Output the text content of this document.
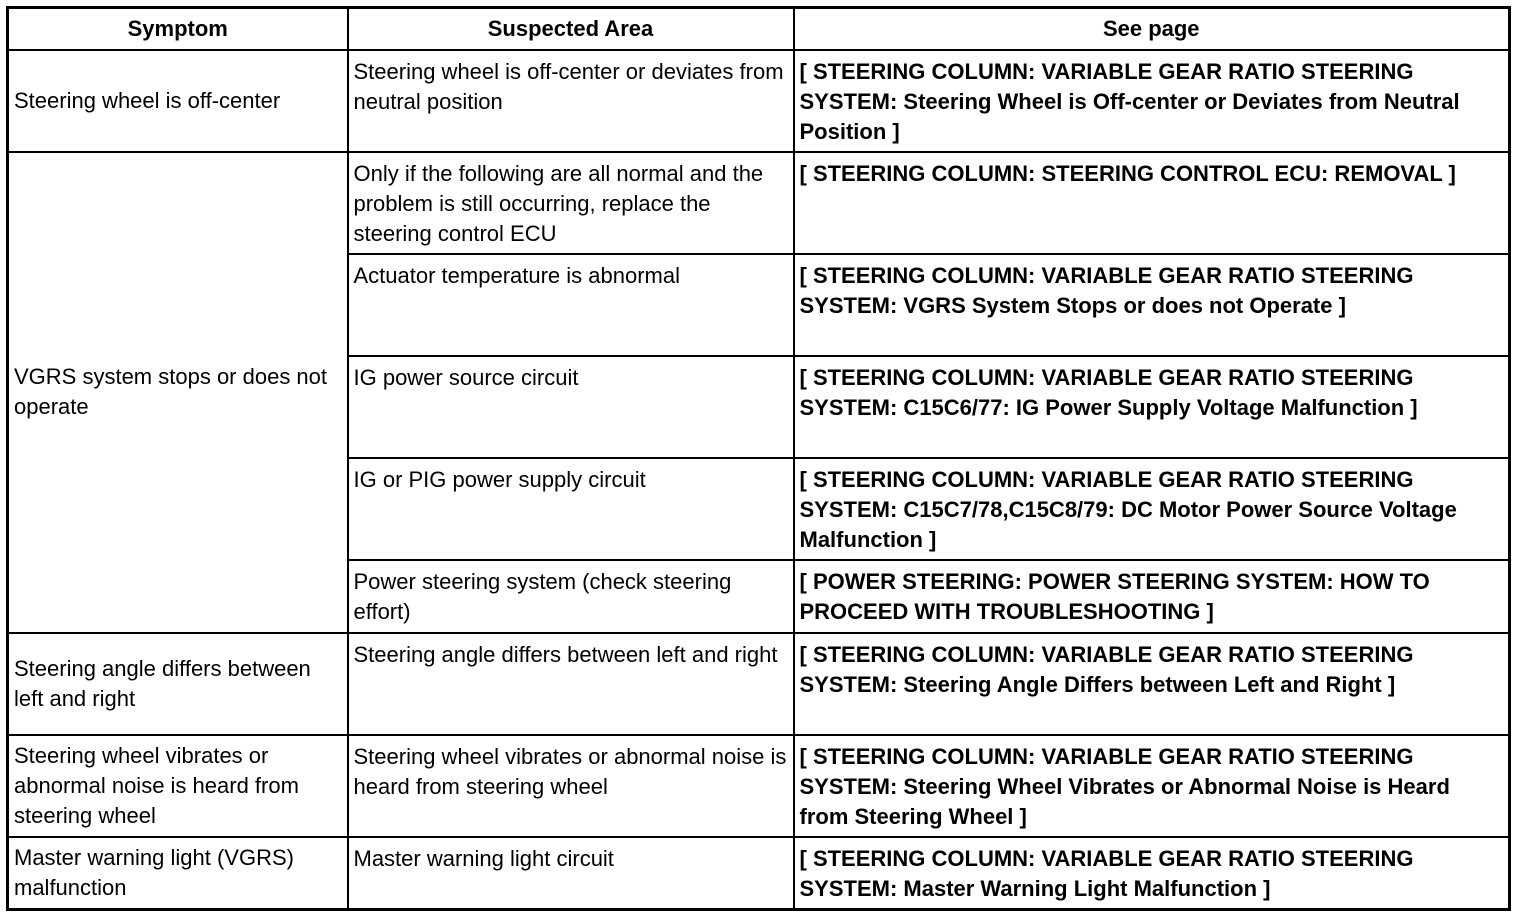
Symptom	Suspected Area	See page
Steering wheel is off-center	Steering wheel is off-center or deviates from neutral position	[ STEERING COLUMN: VARIABLE GEAR RATIO STEERING SYSTEM: Steering Wheel is Off-center or Deviates from Neutral Position ]
VGRS system stops or does not operate	Only if the following are all normal and the problem is still occurring, replace the steering control ECU	[ STEERING COLUMN: STEERING CONTROL ECU: REMOVAL ]
	Actuator temperature is abnormal	[ STEERING COLUMN: VARIABLE GEAR RATIO STEERING SYSTEM: VGRS System Stops or does not Operate ]
	IG power source circuit	[ STEERING COLUMN: VARIABLE GEAR RATIO STEERING SYSTEM: C15C6/77: IG Power Supply Voltage Malfunction ]
	IG or PIG power supply circuit	[ STEERING COLUMN: VARIABLE GEAR RATIO STEERING SYSTEM: C15C7/78,C15C8/79: DC Motor Power Source Voltage Malfunction ]
	Power steering system (check steering effort)	[ POWER STEERING: POWER STEERING SYSTEM: HOW TO PROCEED WITH TROUBLESHOOTING ]
Steering angle differs between left and right	Steering angle differs between left and right	[ STEERING COLUMN: VARIABLE GEAR RATIO STEERING SYSTEM: Steering Angle Differs between Left and Right ]
Steering wheel vibrates or abnormal noise is heard from steering wheel	Steering wheel vibrates or abnormal noise is heard from steering wheel	[ STEERING COLUMN: VARIABLE GEAR RATIO STEERING SYSTEM: Steering Wheel Vibrates or Abnormal Noise is Heard from Steering Wheel ]
Master warning light (VGRS) malfunction	Master warning light circuit	[ STEERING COLUMN: VARIABLE GEAR RATIO STEERING SYSTEM: Master Warning Light Malfunction ]
